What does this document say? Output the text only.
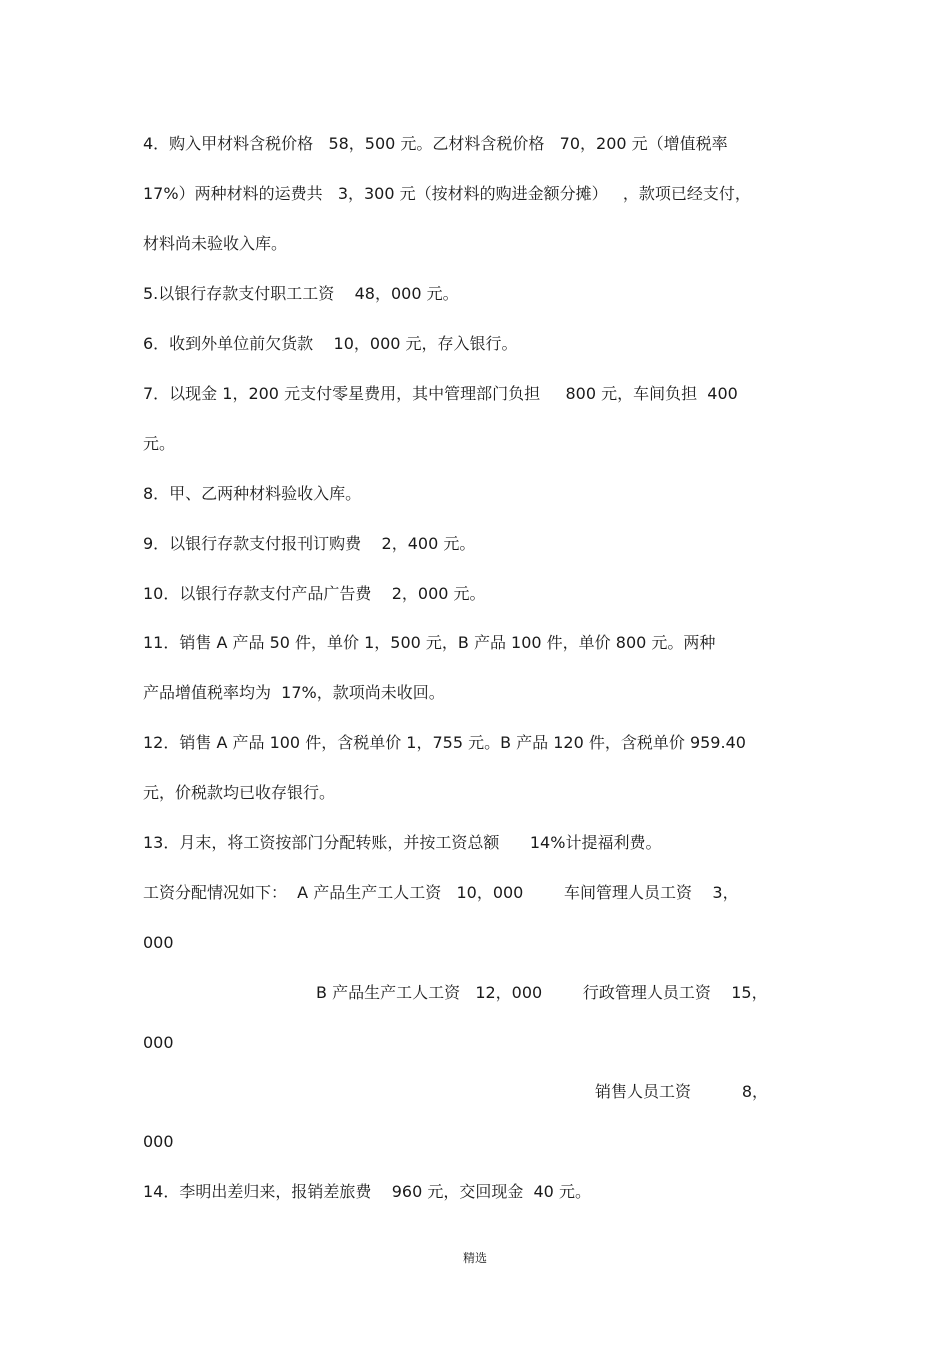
4．购入甲材料含税价格   58，500 元。乙材料含税价格   70，200 元（增值税率
17%）两种材料的运费共   3，300 元（按材料的购进金额分摊）   ，款项已经支付，
材料尚未验收入库。
5.以银行存款支付职工工资    48，000 元。
6．收到外单位前欠货款    10，000 元，存入银行。
7．以现金 1，200 元支付零星费用，其中管理部门负担     800 元，车间负担  400
元。
8．甲、乙两种材料验收入库。
9．以银行存款支付报刊订购费    2，400 元。
10．以银行存款支付产品广告费    2，000 元。
11．销售 A 产品 50 件，单价 1，500 元，B 产品 100 件，单价 800 元。两种
产品增值税率均为  17%，款项尚未收回。
12．销售 A 产品 100 件，含税单价 1，755 元。B 产品 120 件，含税单价 959.40
元，价税款均已收存银行。
13．月末，将工资按部门分配转账，并按工资总额      14%计提福利费。
工资分配情况如下：  A 产品生产工人工资   10，000        车间管理人员工资    3，
000
B 产品生产工人工资   12，000        行政管理人员工资    15，
000
销售人员工资          8，
000
14．李明出差归来，报销差旅费    960 元，交回现金  40 元。
精选
